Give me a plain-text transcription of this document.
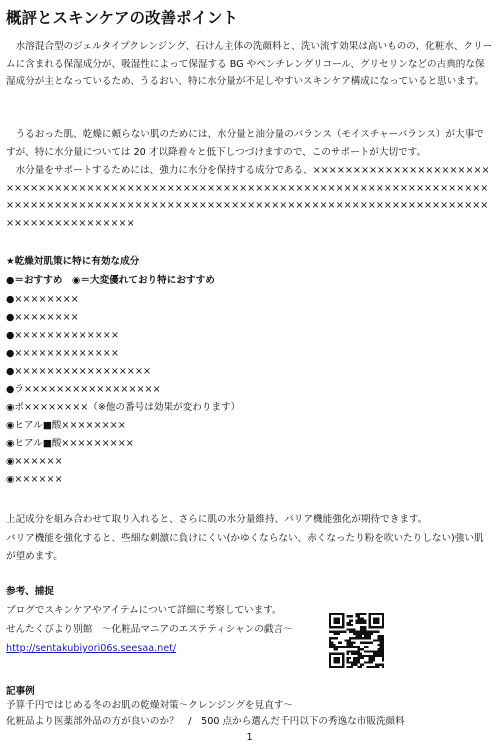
概評とスキンケアの改善ポイント
水溶混合型のジェルタイプクレンジング、石けん主体の洗顔料と、洗い流す効果は高いものの、化粧水、クリームに含まれる保湿成分が、吸湿性によって保湿する BG やペンチレングリコール、グリセリンなどの古典的な保湿成分が主となっているため、うるおい、特に水分量が不足しやすいスキンケア構成になっていると思います。
うるおった肌、乾燥に頼らない肌のためには、水分量と油分量のバランス（モイスチャーバランス）が大事ですが、特に水分量については 20 才以降着々と低下しつづけますので、このサポートが大切です。
水分量をサポートするためには、強力に水分を保持する成分である、××××××××××××××××××××××××××××××××××××××××××××××××××××××××××××××××××××××××××××××××××××××××××××××××××××××××××××××××××××××××××××××××××××××××××××××××××××××××××××××
★乾燥対肌策に特に有効な成分
●＝おすすめ　◉＝大変優れており特におすすめ
●××××××××
●××××××××
●×××××××××××××
●×××××××××××××
●×××××××××××××××××
●ラ×××××××××××××××××
◉ポ××××××××（※他の番号は効果が変わります）
◉ヒアル■酸××××××××
◉ヒアル■酸×××××××××
◉××××××
◉××××××
上記成分を組み合わせて取り入れると、さらに肌の水分量維持、バリア機能強化が期待できます。
バリア機能を強化すると、些細な刺激に負けにくい(かゆくならない、赤くなったり粉を吹いたりしない)強い肌が望めます。
参考、捕捉
ブログでスキンケアやアイテムについて詳細に考察しています。
せんたくびより別館　～化粧品マニアのエステティシャンの戯言～
http://sentakubiyori06s.seesaa.net/
記事例
予算千円ではじめる冬のお肌の乾燥対策～クレンジングを見直す～
化粧品より医薬部外品の方が良いのか？　/　500 点から選んだ千円以下の秀逸な市販洗顔料
1
